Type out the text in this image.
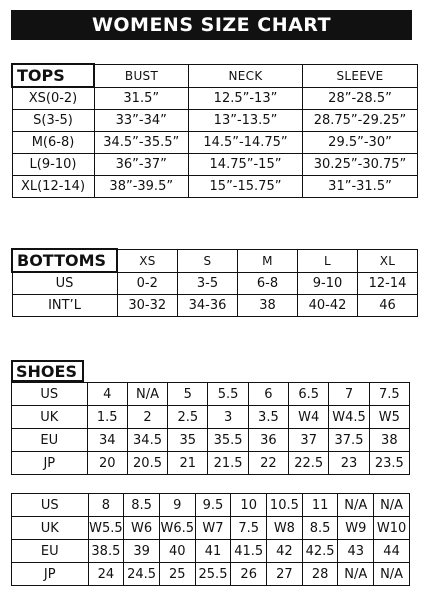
WOMENS SIZE CHART
TOPS	BUST	NECK	SLEEVE
XS(0-2)	31.5”	12.5”-13”	28”-28.5”
S(3-5)	33”-34”	13”-13.5”	28.75”-29.25”
M(6-8)	34.5”-35.5”	14.5”-14.75”	29.5”-30”
L(9-10)	36”-37”	14.75”-15”	30.25”-30.75”
XL(12-14)	38”-39.5”	15”-15.75”	31”-31.5”
BOTTOMS	XS	S	M	L	XL
US	0-2	3-5	6-8	9-10	12-14
INT’L	30-32	34-36	38	40-42	46
SHOES
US	4	N/A	5	5.5	6	6.5	7	7.5
UK	1.5	2	2.5	3	3.5	W4	W4.5	W5
EU	34	34.5	35	35.5	36	37	37.5	38
JP	20	20.5	21	21.5	22	22.5	23	23.5
US	8	8.5	9	9.5	10	10.5	11	N/A	N/A
UK	W5.5	W6	W6.5	W7	7.5	W8	8.5	W9	W10
EU	38.5	39	40	41	41.5	42	42.5	43	44
JP	24	24.5	25	25.5	26	27	28	N/A	N/A
